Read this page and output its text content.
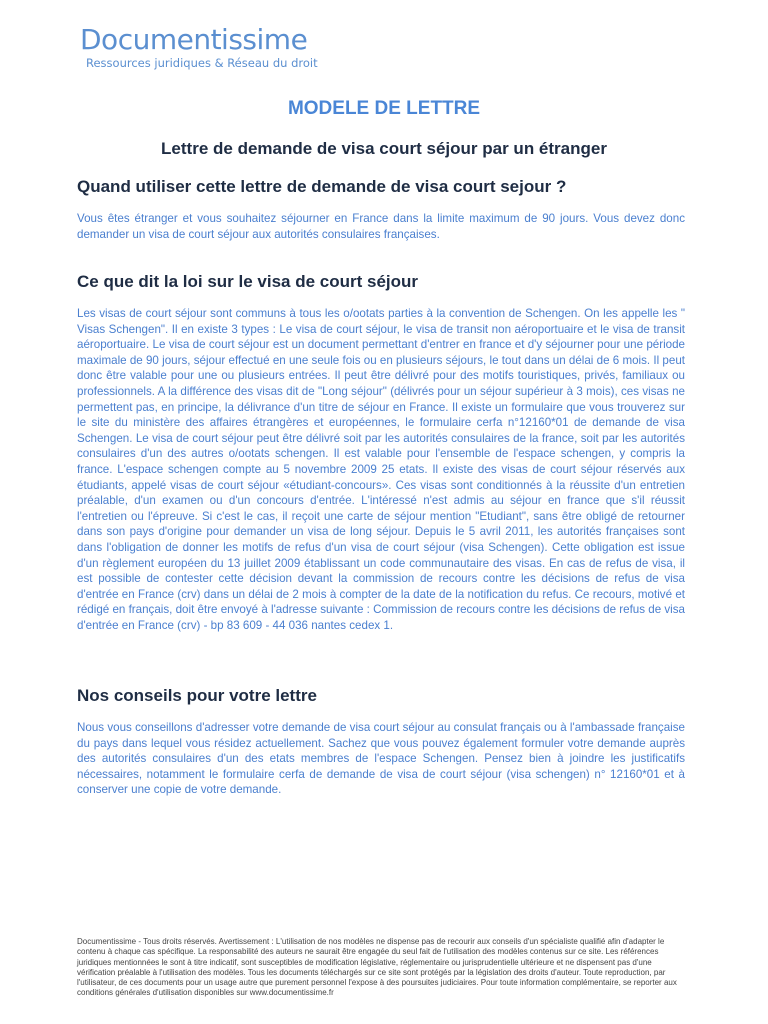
Documentissime
Ressources juridiques & Réseau du droit
MODELE DE LETTRE
Lettre de demande de visa court séjour par un étranger
Quand utiliser cette lettre de demande de visa court sejour ?
Vous êtes étranger et vous souhaitez séjourner en France dans la limite maximum de 90 jours. Vous devez donc demander un visa de court séjour aux autorités consulaires françaises.
Ce que dit la loi sur le visa de court séjour
Les visas de court séjour sont communs à tous les o/ootats parties à la convention de Schengen. On les appelle les " Visas Schengen". Il en existe 3 types : Le visa de court séjour, le visa de transit non aéroportuaire et le visa de transit aéroportuaire. Le visa de court séjour est un document permettant d'entrer en france et d'y séjourner pour une période maximale de 90 jours, séjour effectué en une seule fois ou en plusieurs séjours, le tout dans un délai de 6 mois. Il peut donc être valable pour une ou plusieurs entrées. Il peut être délivré pour des motifs touristiques, privés, familiaux ou professionnels. A la différence des visas dit de "Long séjour" (délivrés pour un séjour supérieur à 3 mois), ces visas ne permettent pas, en principe, la délivrance d'un titre de séjour en France. Il existe un formulaire que vous trouverez sur le site du ministère des affaires étrangères et européennes, le formulaire cerfa n°12160*01 de demande de visa Schengen. Le visa de court séjour peut être délivré soit par les autorités consulaires de la france, soit par les autorités consulaires d'un des autres o/ootats schengen. Il est valable pour l'ensemble de l'espace schengen, y compris la france. L'espace schengen compte au 5 novembre 2009 25 etats. Il existe des visas de court séjour réservés aux étudiants, appelé visas de court séjour «étudiant-concours». Ces visas sont conditionnés à la réussite d'un entretien préalable, d'un examen ou d'un concours d'entrée. L'intéressé n'est admis au séjour en france que s'il réussit l'entretien ou l'épreuve. Si c'est le cas, il reçoit une carte de séjour mention "Etudiant", sans être obligé de retourner dans son pays d'origine pour demander un visa de long séjour. Depuis le 5 avril 2011, les autorités françaises sont dans l'obligation de donner les motifs de refus d'un visa de court séjour (visa Schengen). Cette obligation est issue d'un règlement européen du 13 juillet 2009 établissant un code communautaire des visas. En cas de refus de visa, il est possible de contester cette décision devant la commission de recours contre les décisions de refus de visa d'entrée en France (crv) dans un délai de 2 mois à compter de la date de la notification du refus. Ce recours, motivé et rédigé en français, doit être envoyé à l'adresse suivante : Commission de recours contre les décisions de refus de visa d'entrée en France (crv) - bp 83 609 - 44 036 nantes cedex 1.
Nos conseils pour votre lettre
Nous vous conseillons d'adresser votre demande de visa court séjour au consulat français ou à l'ambassade française du pays dans lequel vous résidez actuellement. Sachez que vous pouvez également formuler votre demande auprès des autorités consulaires d'un des etats membres de l'espace Schengen. Pensez bien à joindre les justificatifs nécessaires, notamment le formulaire cerfa de demande de visa de court séjour (visa schengen) n° 12160*01 et à conserver une copie de votre demande.
Documentissime - Tous droits réservés. Avertissement : L'utilisation de nos modèles ne dispense pas de recourir aux conseils d'un spécialiste qualifié afin d'adapter le contenu à chaque cas spécifique. La responsabilité des auteurs ne saurait être engagée du seul fait de l'utilisation des modèles contenus sur ce site. Les références juridiques mentionnées le sont à titre indicatif, sont susceptibles de modification législative, réglementaire ou jurisprudentielle ultérieure et ne dispensent pas d'une vérification préalable à l'utilisation des modèles. Tous les documents téléchargés sur ce site sont protégés par la législation des droits d'auteur. Toute reproduction, par l'utilisateur, de ces documents pour un usage autre que purement personnel l'expose à des poursuites judiciaires. Pour toute information complémentaire, se reporter aux conditions générales d'utilisation disponibles sur www.documentissime.fr
